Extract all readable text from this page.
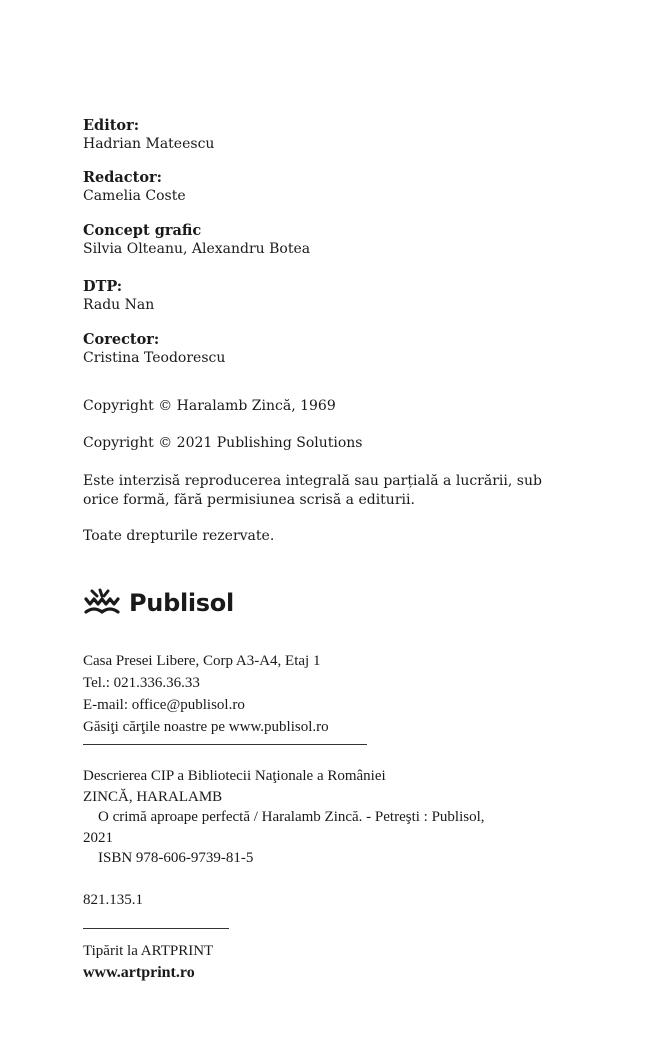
Editor:
Hadrian Mateescu
Redactor:
Camelia Coste
Concept grafic
Silvia Olteanu, Alexandru Botea
DTP:
Radu Nan
Corector:
Cristina Teodorescu
Copyright © Haralamb Zincă, 1969
Copyright © 2021 Publishing Solutions
Este interzisă reproducerea integrală sau parțială a lucrării, sub
orice formă, fără permisiunea scrisă a editurii.
Toate drepturile rezervate.
Publisol
Casa Presei Libere, Corp A3-A4, Etaj 1
Tel.: 021.336.36.33
E-mail: office@publisol.ro
Găsiţi cărţile noastre pe www.publisol.ro
Descrierea CIP a Bibliotecii Naţionale a României
ZINCĂ, HARALAMB
O crimă aproape perfectă / Haralamb Zincă. - Petreşti : Publisol,
2021
ISBN 978-606-9739-81-5
821.135.1
Tipărit la ARTPRINT
www.artprint.ro
